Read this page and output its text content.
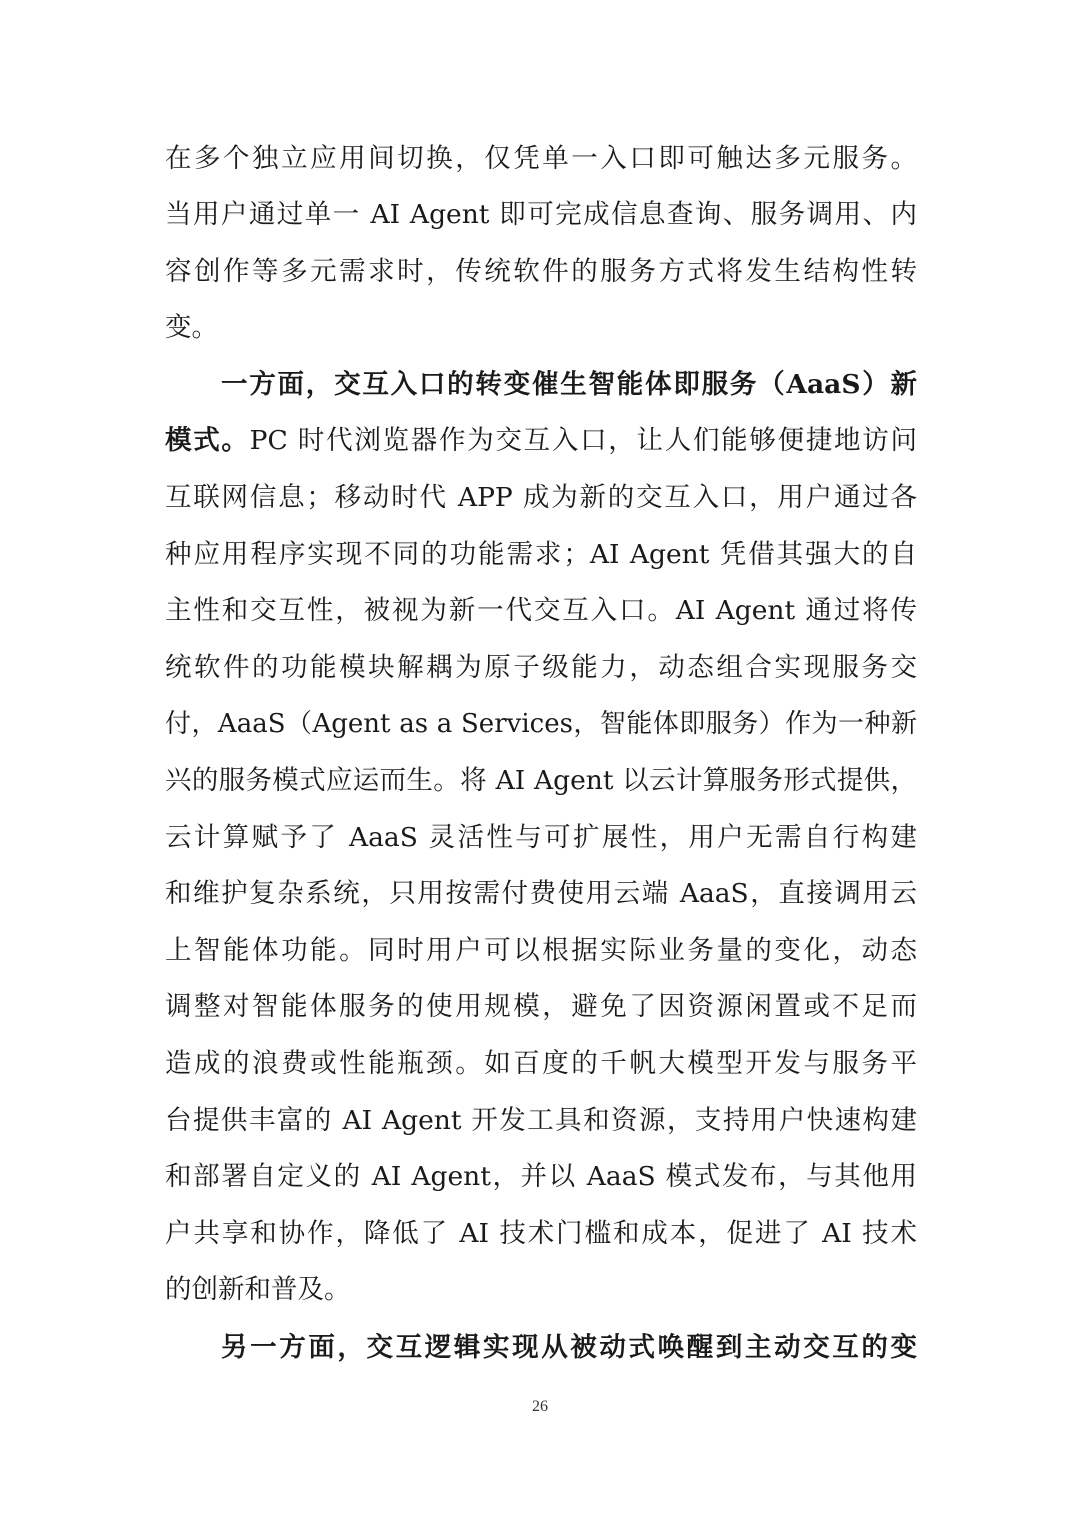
在多个独立应用间切换，仅凭单一入口即可触达多元服务。
当用户通过单一 AI Agent 即可完成信息查询、服务调用、内
容创作等多元需求时，传统软件的服务方式将发生结构性转
变。
一方面，交互入口的转变催生智能体即服务（AaaS）新
模式。PC 时代浏览器作为交互入口，让人们能够便捷地访问
互联网信息；移动时代 APP 成为新的交互入口，用户通过各
种应用程序实现不同的功能需求；AI Agent 凭借其强大的自
主性和交互性，被视为新一代交互入口。AI Agent 通过将传
统软件的功能模块解耦为原子级能力，动态组合实现服务交
付，AaaS（Agent as a Services，智能体即服务）作为一种新
兴的服务模式应运而生。将 AI Agent 以云计算服务形式提供，
云计算赋予了 AaaS 灵活性与可扩展性，用户无需自行构建
和维护复杂系统，只用按需付费使用云端 AaaS，直接调用云
上智能体功能。同时用户可以根据实际业务量的变化，动态
调整对智能体服务的使用规模，避免了因资源闲置或不足而
造成的浪费或性能瓶颈。如百度的千帆大模型开发与服务平
台提供丰富的 AI Agent 开发工具和资源，支持用户快速构建
和部署自定义的 AI Agent，并以 AaaS 模式发布，与其他用
户共享和协作，降低了 AI 技术门槛和成本，促进了 AI 技术
的创新和普及。
另一方面，交互逻辑实现从被动式唤醒到主动交互的变
26
